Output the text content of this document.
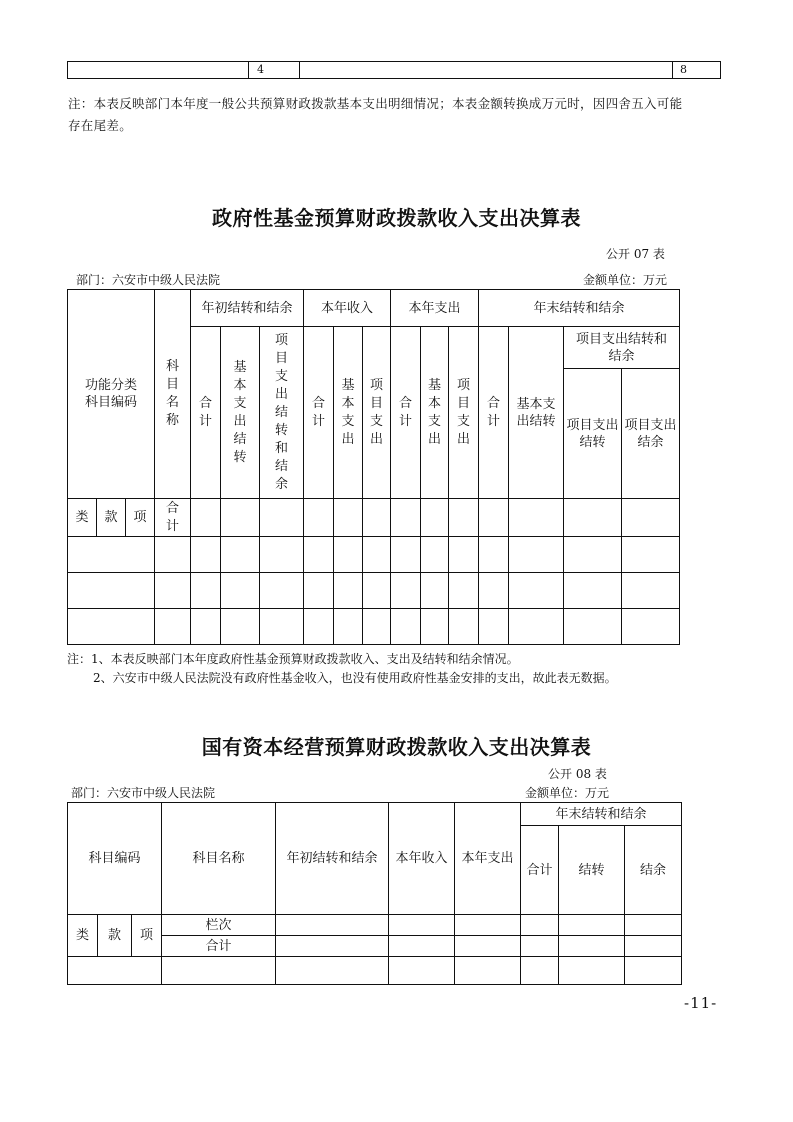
4	8
注：本表反映部门本年度一般公共预算财政拨款基本支出明细情况；本表金额转换成万元时，因四舍五入可能
存在尾差。
政府性基金预算财政拨款收入支出决算表
公开 07 表
部门：六安市中级人民法院	金额单位：万元
功能分类
科目编码			科目名称	年初结转和结余			本年收入			本年支出			年末结转和结余			
				合计	基本支出结转	项目支出结转和结余	合计	基本支出	项目支出	合计	基本支出	项目支出	合计	基本支出结转	项目支出结转和结余	
															项目支出结转	项目支出结余
类	款	项	合计													

注：1、本表反映部门本年度政府性基金预算财政拨款收入、支出及结转和结余情况。
2、六安市中级人民法院没有政府性基金收入，也没有使用政府性基金安排的支出，故此表无数据。
国有资本经营预算财政拨款收入支出决算表
公开 08 表
部门：六安市中级人民法院	金额单位：万元
科目编码			科目名称	年初结转和结余	本年收入	本年支出	年末结转和结余		
							合计	结转	结余
类	款	项	栏次						
			合计						

-11-
